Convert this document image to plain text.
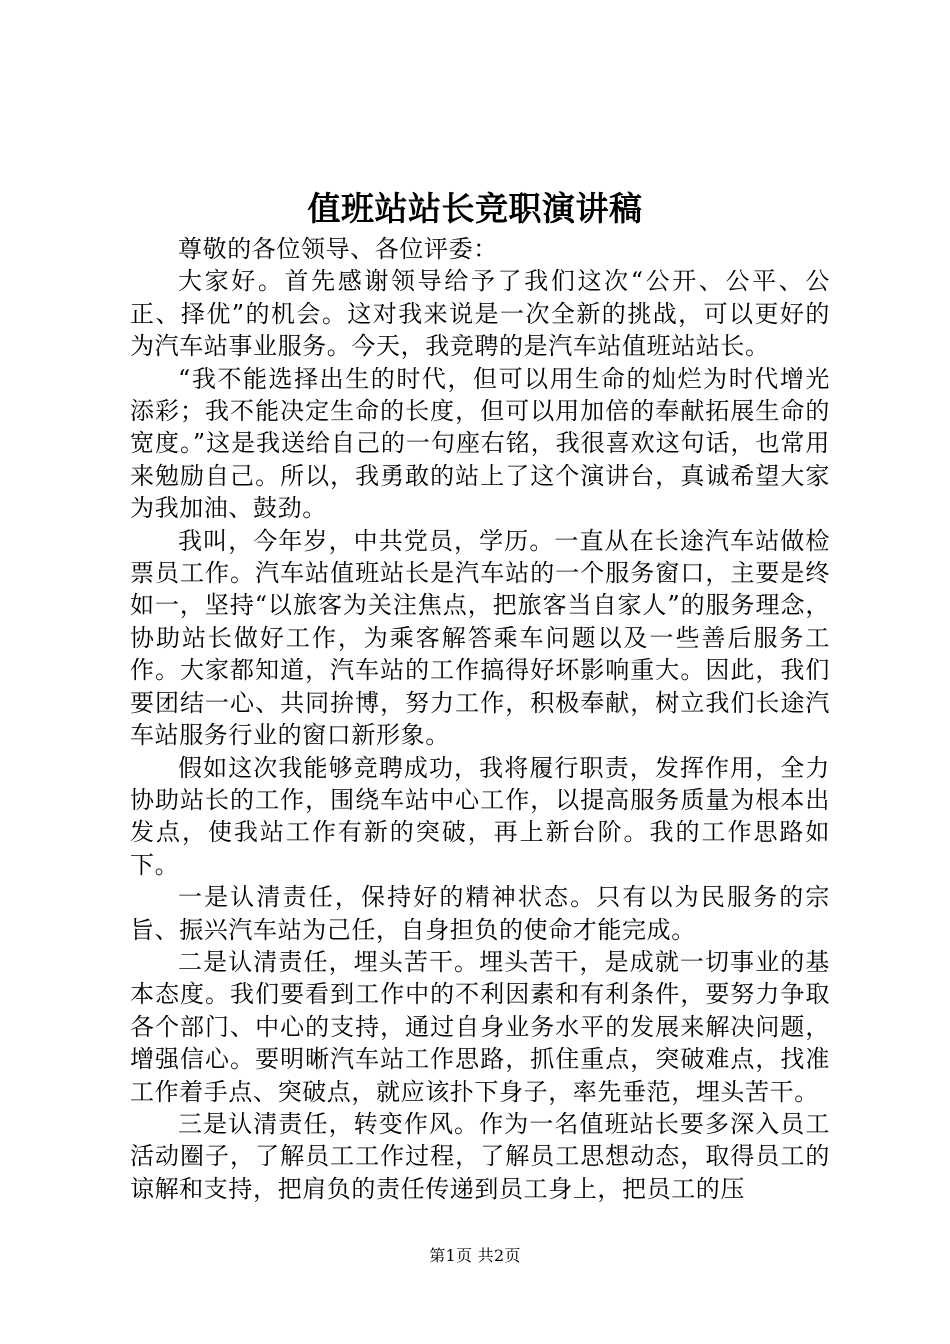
值班站站长竞职演讲稿

尊敬的各位领导、各位评委：

大家好。首先感谢领导给予了我们这次“公开、公平、公正、择优”的机会。这对我来说是一次全新的挑战，可以更好的为汽车站事业服务。今天，我竞聘的是汽车站值班站站长。

“我不能选择出生的时代，但可以用生命的灿烂为时代增光添彩；我不能决定生命的长度，但可以用加倍的奉献拓展生命的宽度。”这是我送给自己的一句座右铭，我很喜欢这句话，也常用来勉励自己。所以，我勇敢的站上了这个演讲台，真诚希望大家为我加油、鼓劲。

我叫，今年岁，中共党员，学历。一直从在长途汽车站做检票员工作。汽车站值班站长是汽车站的一个服务窗口，主要是终如一，坚持“以旅客为关注焦点，把旅客当自家人”的服务理念，协助站长做好工作，为乘客解答乘车问题以及一些善后服务工作。大家都知道，汽车站的工作搞得好坏影响重大。因此，我们要团结一心、共同拚博，努力工作，积极奉献，树立我们长途汽车站服务行业的窗口新形象。

假如这次我能够竞聘成功，我将履行职责，发挥作用，全力协助站长的工作，围绕车站中心工作，以提高服务质量为根本出发点，使我站工作有新的突破，再上新台阶。我的工作思路如下。

一是认清责任，保持好的精神状态。只有以为民服务的宗旨、振兴汽车站为己任，自身担负的使命才能完成。

二是认清责任，埋头苦干。埋头苦干，是成就一切事业的基本态度。我们要看到工作中的不利因素和有利条件，要努力争取各个部门、中心的支持，通过自身业务水平的发展来解决问题，增强信心。要明晰汽车站工作思路，抓住重点，突破难点，找准工作着手点、突破点，就应该扑下身子，率先垂范，埋头苦干。

三是认清责任，转变作风。作为一名值班站长要多深入员工活动圈子，了解员工工作过程，了解员工思想动态，取得员工的谅解和支持，把肩负的责任传递到员工身上，把员工的压

第1页 共2页
